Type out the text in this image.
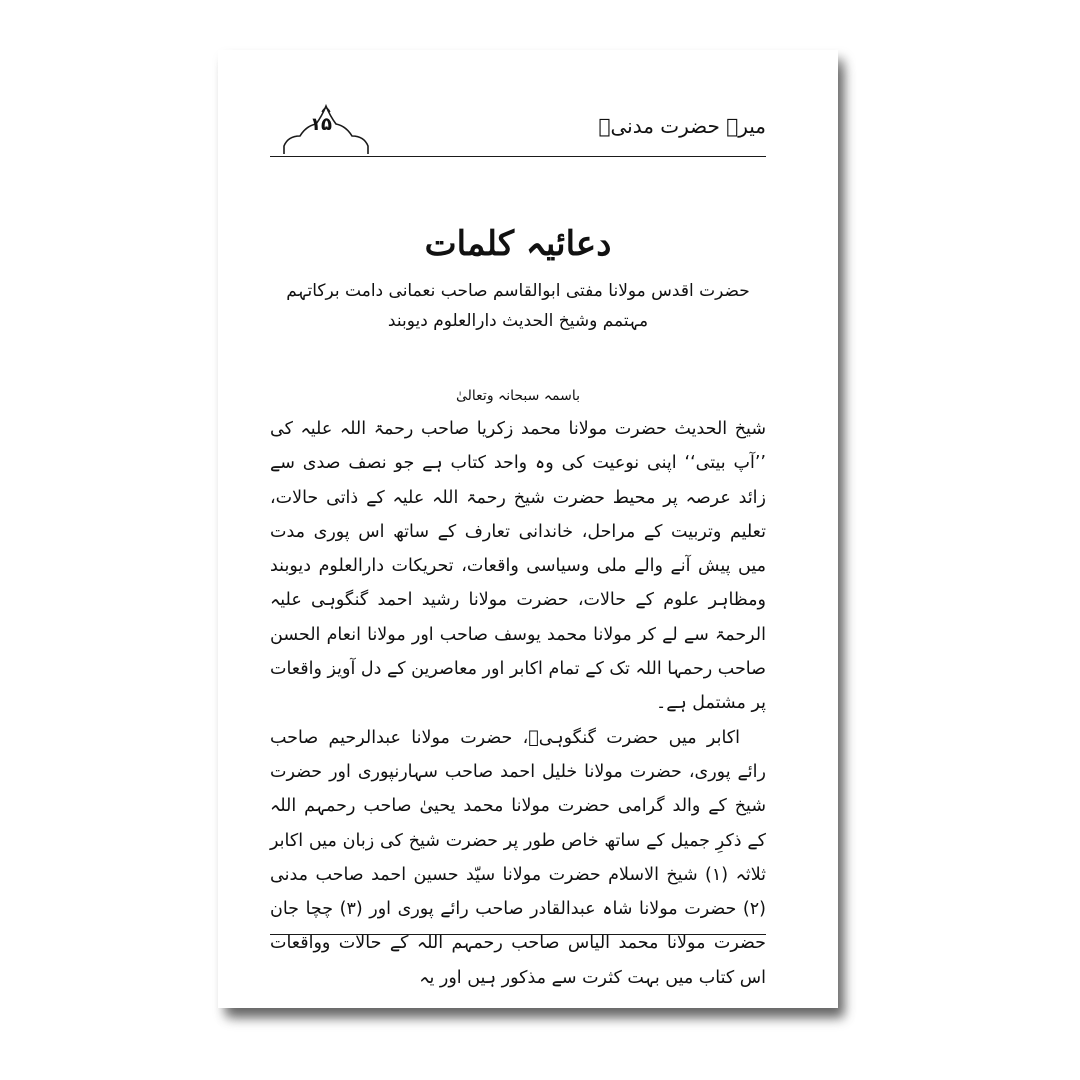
۱۵	میرے حضرت مدنیؒ
دعائیہ کلمات

حضرت اقدس مولانا مفتی ابوالقاسم صاحب نعمانی دامت برکاتہم

مہتمم وشیخ الحدیث دارالعلوم دیوبند

باسمہ سبحانہ وتعالیٰ

شیخ الحدیث حضرت مولانا محمد زکریا صاحب رحمۃ اللہ علیہ کی ’’آپ بیتی‘‘ اپنی نوعیت کی وہ واحد کتاب ہے جو نصف صدی سے زائد عرصہ پر محیط حضرت شیخ رحمۃ اللہ علیہ کے ذاتی حالات، تعلیم وتربیت کے مراحل، خاندانی تعارف کے ساتھ اس پوری مدت میں پیش آنے والے ملی وسیاسی واقعات، تحریکات دارالعلوم دیوبند ومظاہر علوم کے حالات، حضرت مولانا رشید احمد گنگوہی علیہ الرحمۃ سے لے کر مولانا محمد یوسف صاحب اور مولانا انعام الحسن صاحب رحمہا اللہ تک کے تمام اکابر اور معاصرین کے دل آویز واقعات پر مشتمل ہے۔

اکابر میں حضرت گنگوہیؒ، حضرت مولانا عبدالرحیم صاحب رائے پوری، حضرت مولانا خلیل احمد صاحب سہارنپوری اور حضرت شیخ کے والد گرامی حضرت مولانا محمد یحییٰ صاحب رحمہم اللہ کے ذکرِ جمیل کے ساتھ خاص طور پر حضرت شیخ کی زبان میں اکابر ثلاثہ (۱) شیخ الاسلام حضرت مولانا سیّد حسین احمد صاحب مدنی (۲) حضرت مولانا شاہ عبدالقادر صاحب رائے پوری اور (۳) چچا جان حضرت مولانا محمد الیاس صاحب رحمہم اللہ کے حالات وواقعات اس کتاب میں بہت کثرت سے مذکور ہیں اور یہ
